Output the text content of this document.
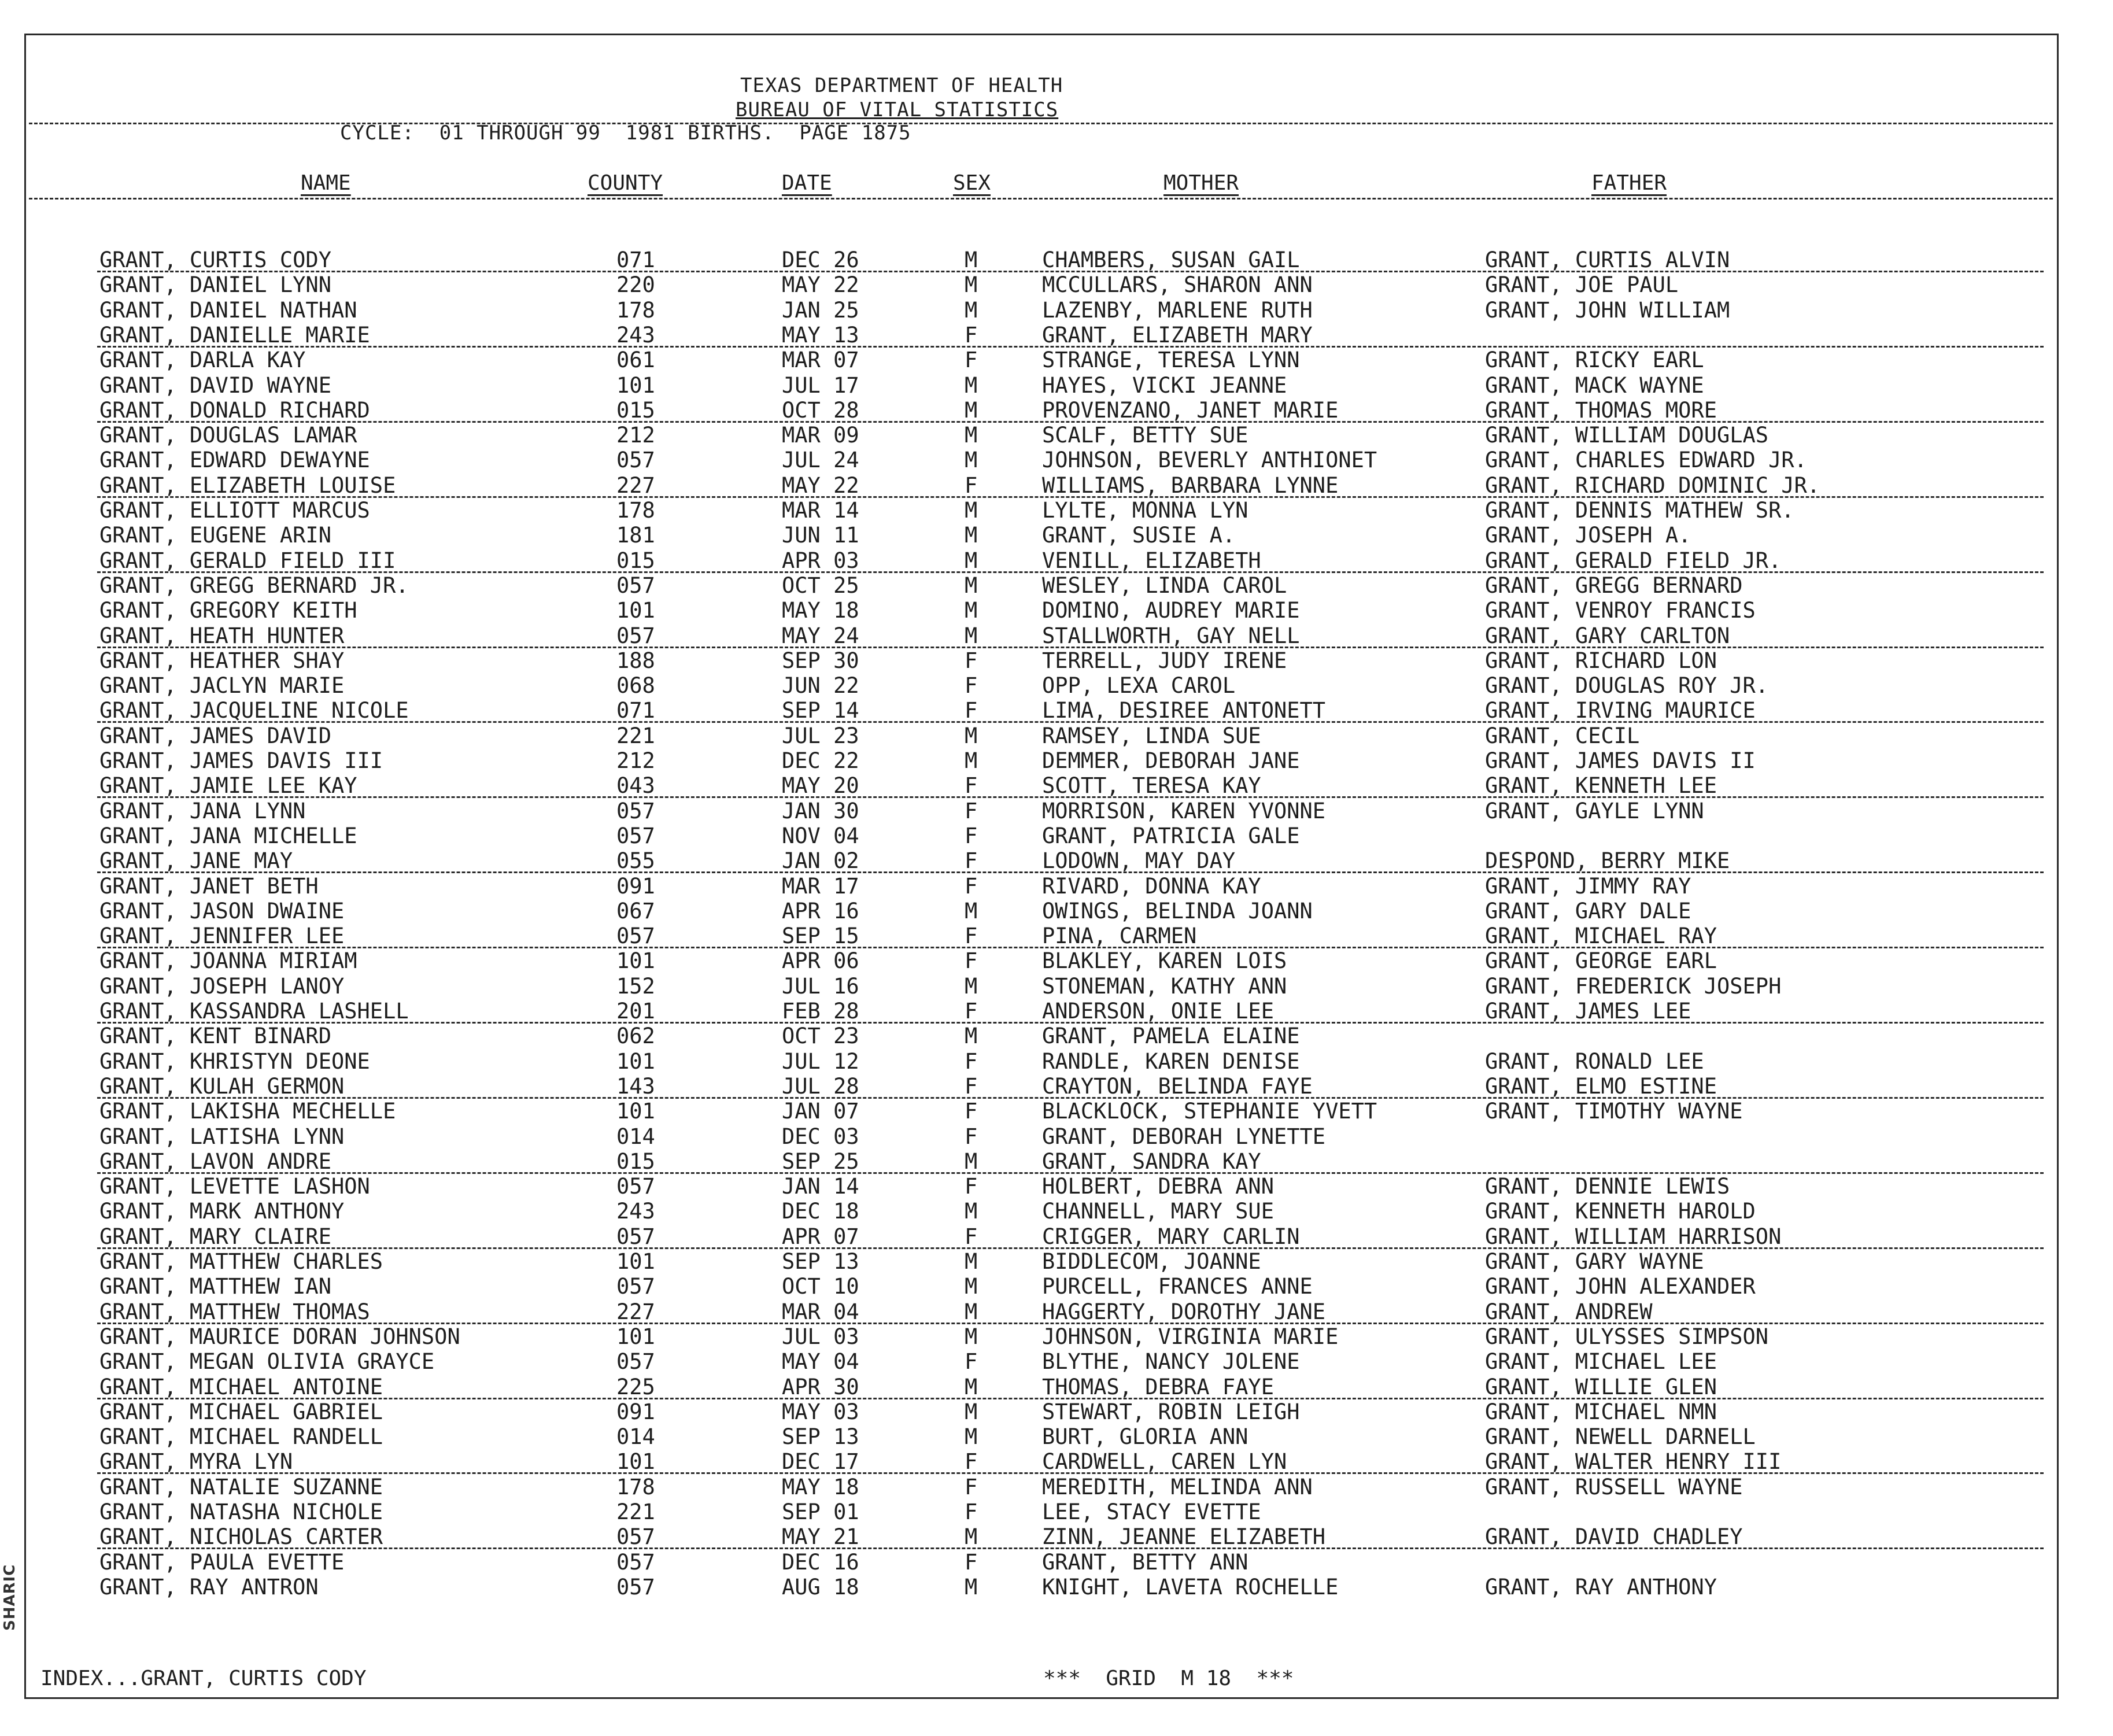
SHARIC
TEXAS DEPARTMENT OF HEALTH
BUREAU OF VITAL STATISTICS
CYCLE:  01 THROUGH 99  1981 BIRTHS.  PAGE 1875
NAME	COUNTY	DATE	SEX	MOTHER	FATHER
GRANT, CURTIS CODY	071	DEC 26	M	CHAMBERS, SUSAN GAIL	GRANT, CURTIS ALVIN
GRANT, DANIEL LYNN	220	MAY 22	M	MCCULLARS, SHARON ANN	GRANT, JOE PAUL
GRANT, DANIEL NATHAN	178	JAN 25	M	LAZENBY, MARLENE RUTH	GRANT, JOHN WILLIAM
GRANT, DANIELLE MARIE	243	MAY 13	F	GRANT, ELIZABETH MARY
GRANT, DARLA KAY	061	MAR 07	F	STRANGE, TERESA LYNN	GRANT, RICKY EARL
GRANT, DAVID WAYNE	101	JUL 17	M	HAYES, VICKI JEANNE	GRANT, MACK WAYNE
GRANT, DONALD RICHARD	015	OCT 28	M	PROVENZANO, JANET MARIE	GRANT, THOMAS MORE
GRANT, DOUGLAS LAMAR	212	MAR 09	M	SCALF, BETTY SUE	GRANT, WILLIAM DOUGLAS
GRANT, EDWARD DEWAYNE	057	JUL 24	M	JOHNSON, BEVERLY ANTHIONET	GRANT, CHARLES EDWARD JR.
GRANT, ELIZABETH LOUISE	227	MAY 22	F	WILLIAMS, BARBARA LYNNE	GRANT, RICHARD DOMINIC JR.
GRANT, ELLIOTT MARCUS	178	MAR 14	M	LYLTE, MONNA LYN	GRANT, DENNIS MATHEW SR.
GRANT, EUGENE ARIN	181	JUN 11	M	GRANT, SUSIE A.	GRANT, JOSEPH A.
GRANT, GERALD FIELD III	015	APR 03	M	VENILL, ELIZABETH	GRANT, GERALD FIELD JR.
GRANT, GREGG BERNARD JR.	057	OCT 25	M	WESLEY, LINDA CAROL	GRANT, GREGG BERNARD
GRANT, GREGORY KEITH	101	MAY 18	M	DOMINO, AUDREY MARIE	GRANT, VENROY FRANCIS
GRANT, HEATH HUNTER	057	MAY 24	M	STALLWORTH, GAY NELL	GRANT, GARY CARLTON
GRANT, HEATHER SHAY	188	SEP 30	F	TERRELL, JUDY IRENE	GRANT, RICHARD LON
GRANT, JACLYN MARIE	068	JUN 22	F	OPP, LEXA CAROL	GRANT, DOUGLAS ROY JR.
GRANT, JACQUELINE NICOLE	071	SEP 14	F	LIMA, DESIREE ANTONETT	GRANT, IRVING MAURICE
GRANT, JAMES DAVID	221	JUL 23	M	RAMSEY, LINDA SUE	GRANT, CECIL
GRANT, JAMES DAVIS III	212	DEC 22	M	DEMMER, DEBORAH JANE	GRANT, JAMES DAVIS II
GRANT, JAMIE LEE KAY	043	MAY 20	F	SCOTT, TERESA KAY	GRANT, KENNETH LEE
GRANT, JANA LYNN	057	JAN 30	F	MORRISON, KAREN YVONNE	GRANT, GAYLE LYNN
GRANT, JANA MICHELLE	057	NOV 04	F	GRANT, PATRICIA GALE
GRANT, JANE MAY	055	JAN 02	F	LODOWN, MAY DAY	DESPOND, BERRY MIKE
GRANT, JANET BETH	091	MAR 17	F	RIVARD, DONNA KAY	GRANT, JIMMY RAY
GRANT, JASON DWAINE	067	APR 16	M	OWINGS, BELINDA JOANN	GRANT, GARY DALE
GRANT, JENNIFER LEE	057	SEP 15	F	PINA, CARMEN	GRANT, MICHAEL RAY
GRANT, JOANNA MIRIAM	101	APR 06	F	BLAKLEY, KAREN LOIS	GRANT, GEORGE EARL
GRANT, JOSEPH LANOY	152	JUL 16	M	STONEMAN, KATHY ANN	GRANT, FREDERICK JOSEPH
GRANT, KASSANDRA LASHELL	201	FEB 28	F	ANDERSON, ONIE LEE	GRANT, JAMES LEE
GRANT, KENT BINARD	062	OCT 23	M	GRANT, PAMELA ELAINE
GRANT, KHRISTYN DEONE	101	JUL 12	F	RANDLE, KAREN DENISE	GRANT, RONALD LEE
GRANT, KULAH GERMON	143	JUL 28	F	CRAYTON, BELINDA FAYE	GRANT, ELMO ESTINE
GRANT, LAKISHA MECHELLE	101	JAN 07	F	BLACKLOCK, STEPHANIE YVETT	GRANT, TIMOTHY WAYNE
GRANT, LATISHA LYNN	014	DEC 03	F	GRANT, DEBORAH LYNETTE
GRANT, LAVON ANDRE	015	SEP 25	M	GRANT, SANDRA KAY
GRANT, LEVETTE LASHON	057	JAN 14	F	HOLBERT, DEBRA ANN	GRANT, DENNIE LEWIS
GRANT, MARK ANTHONY	243	DEC 18	M	CHANNELL, MARY SUE	GRANT, KENNETH HAROLD
GRANT, MARY CLAIRE	057	APR 07	F	CRIGGER, MARY CARLIN	GRANT, WILLIAM HARRISON
GRANT, MATTHEW CHARLES	101	SEP 13	M	BIDDLECOM, JOANNE	GRANT, GARY WAYNE
GRANT, MATTHEW IAN	057	OCT 10	M	PURCELL, FRANCES ANNE	GRANT, JOHN ALEXANDER
GRANT, MATTHEW THOMAS	227	MAR 04	M	HAGGERTY, DOROTHY JANE	GRANT, ANDREW
GRANT, MAURICE DORAN JOHNSON	101	JUL 03	M	JOHNSON, VIRGINIA MARIE	GRANT, ULYSSES SIMPSON
GRANT, MEGAN OLIVIA GRAYCE	057	MAY 04	F	BLYTHE, NANCY JOLENE	GRANT, MICHAEL LEE
GRANT, MICHAEL ANTOINE	225	APR 30	M	THOMAS, DEBRA FAYE	GRANT, WILLIE GLEN
GRANT, MICHAEL GABRIEL	091	MAY 03	M	STEWART, ROBIN LEIGH	GRANT, MICHAEL NMN
GRANT, MICHAEL RANDELL	014	SEP 13	M	BURT, GLORIA ANN	GRANT, NEWELL DARNELL
GRANT, MYRA LYN	101	DEC 17	F	CARDWELL, CAREN LYN	GRANT, WALTER HENRY III
GRANT, NATALIE SUZANNE	178	MAY 18	F	MEREDITH, MELINDA ANN	GRANT, RUSSELL WAYNE
GRANT, NATASHA NICHOLE	221	SEP 01	F	LEE, STACY EVETTE
GRANT, NICHOLAS CARTER	057	MAY 21	M	ZINN, JEANNE ELIZABETH	GRANT, DAVID CHADLEY
GRANT, PAULA EVETTE	057	DEC 16	F	GRANT, BETTY ANN
GRANT, RAY ANTRON	057	AUG 18	M	KNIGHT, LAVETA ROCHELLE	GRANT, RAY ANTHONY
INDEX...GRANT, CURTIS CODY	***  GRID  M 18  ***
